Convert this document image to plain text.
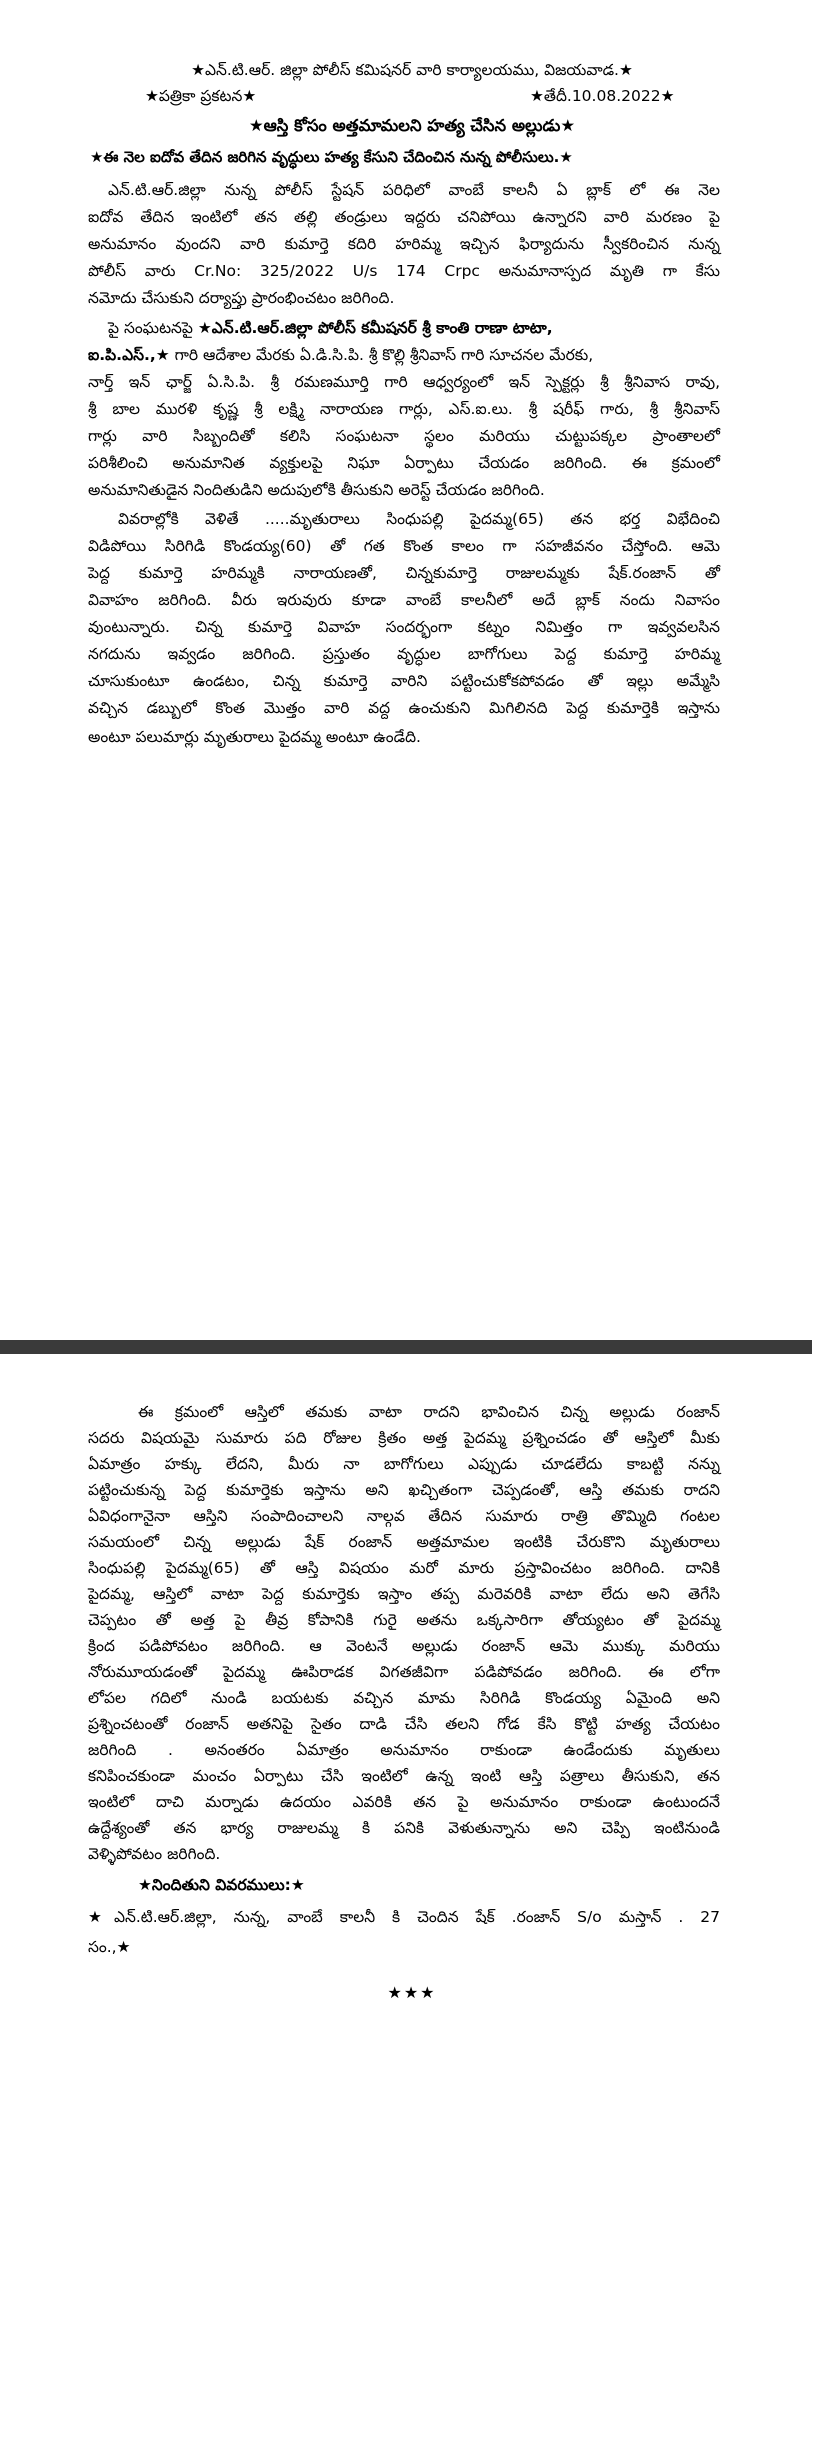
★ఎన్.టి.ఆర్. జిల్లా పోలీస్ కమిషనర్ వారి కార్యాలయము, విజయవాడ.★
★పత్రికా ప్రకటన★	★తేదీ.10.08.2022★
★ఆస్తి కోసం అత్తమామలని హత్య చేసిన అల్లుడు★
★ఈ నెల ఐదోవ తేదిన జరిగిన వృద్ధులు హత్య కేసుని చేదించిన నున్న పోలీసులు.★
ఎన్.టి.ఆర్.జిల్లా నున్న పోలీస్ స్టేషన్ పరిధిలో వాంబే కాలనీ ఏ బ్లాక్ లో ఈ నెల
ఐదోవ తేదిన ఇంటిలో తన తల్లి తండ్రులు ఇద్దరు చనిపోయి ఉన్నారని వారి మరణం పై
అనుమానం వుందని వారి కుమార్తె కదిరి హరిమ్మ ఇచ్చిన ఫిర్యాదును స్వీకరించిన నున్న
పోలీస్ వారు Cr.No: 325/2022 U/s 174 Crpc అనుమానాస్పద మృతి గా కేసు
నమోదు చేసుకుని దర్యాప్తు ప్రారంభించటం జరిగింది.
పై సంఘటనపై ★ఎన్.టి.ఆర్.జిల్లా పోలీస్ కమీషనర్ శ్రీ కాంతి రాణా టాటా,
ఐ.పి.ఎస్.,★ గారి ఆదేశాల మేరకు ఏ.డి.సి.పి. శ్రీ కొల్లి శ్రీనివాస్ గారి సూచనల మేరకు,
నార్త్ ఇన్ ఛార్జ్ ఏ.సి.పి. శ్రీ రమణమూర్తి గారి ఆధ్వర్యంలో ఇన్ స్పెక్టర్లు శ్రీ శ్రీనివాస రావు,
శ్రీ బాల మురళి కృష్ణ శ్రీ లక్ష్మి నారాయణ గార్లు, ఎస్.ఐ.లు. శ్రీ షరీఫ్ గారు, శ్రీ శ్రీనివాస్
గార్లు వారి సిబ్బందితో కలిసి సంఘటనా స్థలం మరియు చుట్టుపక్కల ప్రాంతాలలో
పరిశీలించి అనుమానిత వ్యక్తులపై నిఘా ఏర్పాటు చేయడం జరిగింది. ఈ క్రమంలో
అనుమానితుడైన నిందితుడిని అదుపులోకి తీసుకుని అరెస్ట్ చేయడం జరిగింది.
వివరాల్లోకి వెళితే .....మృతురాలు సింధుపల్లి పైదమ్మ(65) తన భర్త విభేదించి
విడిపోయి సిరిగిడి కొండయ్య(60) తో గత కొంత కాలం గా సహజీవనం చేస్తోంది. ఆమె
పెద్ద కుమార్తె హరిమ్మకి నారాయణతో, చిన్నకుమార్తె రాజులమ్మకు షేక్.రంజాన్ తో
వివాహం జరిగింది. వీరు ఇరువురు కూడా వాంబే కాలనీలో అదే బ్లాక్ నందు నివాసం
వుంటున్నారు. చిన్న కుమార్తె వివాహ సందర్భంగా కట్నం నిమిత్తం గా ఇవ్వవలసిన
నగదును ఇవ్వడం జరిగింది. ప్రస్తుతం వృద్ధుల బాగోగులు పెద్ద కుమార్తె హరిమ్మ
చూసుకుంటూ ఉండటం, చిన్న కుమార్తె వారిని పట్టించుకోకపోవడం తో ఇల్లు అమ్మేసి
వచ్చిన డబ్బులో కొంత మొత్తం వారి వద్ద ఉంచుకుని మిగిలినది పెద్ద కుమార్తెకి ఇస్తాను
అంటూ పలుమార్లు మృతురాలు పైదమ్మ అంటూ ఉండేది.
ఈ క్రమంలో ఆస్తిలో తమకు వాటా రాదని భావించిన చిన్న అల్లుడు రంజాన్
సదరు విషయమై సుమారు పది రోజుల క్రితం అత్త పైదమ్మ ప్రశ్నించడం తో ఆస్తిలో మీకు
ఏమాత్రం హక్కు లేదని, మీరు నా బాగోగులు ఎప్పుడు చూడలేదు కాబట్టి నన్ను
పట్టించుకున్న పెద్ద కుమార్తెకు ఇస్తాను అని ఖచ్చితంగా చెప్పడంతో, ఆస్తి తమకు రాదని
ఏవిధంగానైనా ఆస్తిని సంపాదించాలని నాల్గవ తేదిన సుమారు రాత్రి తొమ్మిది గంటల
సమయంలో చిన్న అల్లుడు షేక్ రంజాన్ అత్తమామల ఇంటికి చేరుకొని మృతురాలు
సింధుపల్లి పైదమ్మ(65) తో ఆస్తి విషయం మరో మారు ప్రస్తావించటం జరిగింది. దానికి
పైదమ్మ, ఆస్తిలో వాటా పెద్ద కుమార్తెకు ఇస్తాం తప్ప మరెవరికి వాటా లేదు అని తెగేసి
చెప్పటం తో అత్త పై తీవ్ర కోపానికి గురై అతను ఒక్కసారిగా తోయ్యటం తో పైదమ్మ
క్రింద పడిపోవటం జరిగింది. ఆ వెంటనే అల్లుడు రంజాన్ ఆమె ముక్కు మరియు
నోరుమూయడంతో పైదమ్మ ఊపిరాడక విగతజీవిగా పడిపోవడం జరిగింది. ఈ లోగా
లోపల గదిలో నుండి బయటకు వచ్చిన మామ సిరిగిడి కొండయ్య ఏమైంది అని
ప్రశ్నించటంతో రంజాన్ అతనిపై సైతం దాడి చేసి తలని గోడ కేసి కొట్టి హత్య చేయటం
జరిగింది . అనంతరం ఏమాత్రం అనుమానం రాకుండా ఉండేందుకు మృతులు
కనిపించకుండా మంచం ఏర్పాటు చేసి ఇంటిలో ఉన్న ఇంటి ఆస్తి పత్రాలు తీసుకుని, తన
ఇంటిలో దాచి మర్నాడు ఉదయం ఎవరికి తన పై అనుమానం రాకుండా ఉంటుందనే
ఉద్దేశ్యంతో తన భార్య రాజులమ్మ కి పనికి వెళుతున్నాను అని చెప్పి ఇంటినుండి
వెళ్ళిపోవటం జరిగింది.
★నిందితుని వివరములు:★
★ఎన్.టి.ఆర్.జిల్లా, నున్న, వాంబే కాలనీ కి చెందిన షేక్ .రంజాన్ S/o మస్తాన్ . 27
సం.,★
★★★
